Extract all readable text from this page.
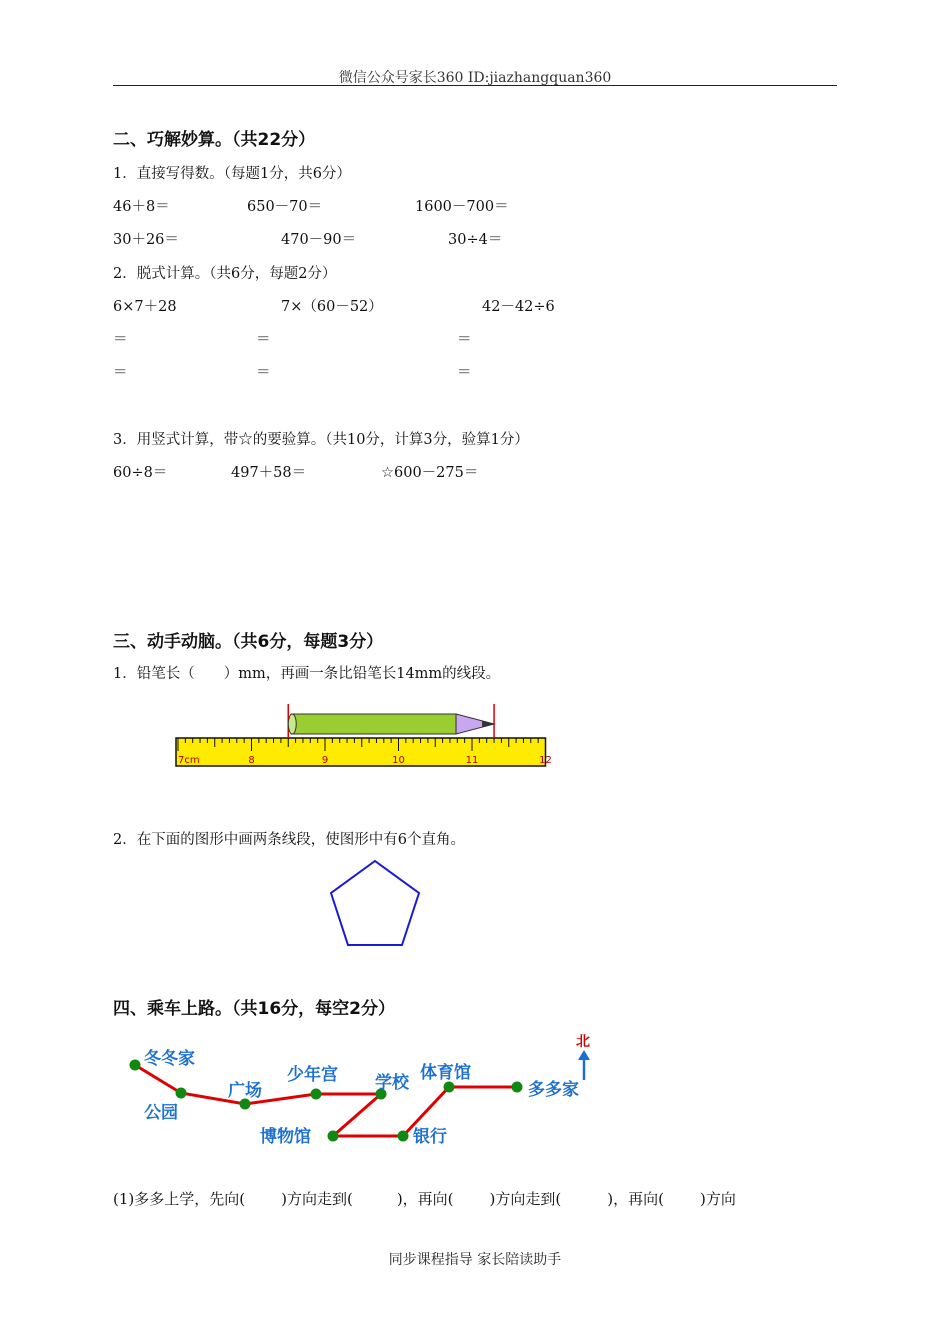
微信公众号家长360 ID:jiazhangquan360
二、巧解妙算。（共22分）
1．直接写得数。（每题1分，共6分）
46＋8＝	650－70＝	1600－700＝
30＋26＝	470－90＝	30÷4＝
2．脱式计算。（共6分，每题2分）
6×7＋28	7×（60－52）	42－42÷6
＝	＝	＝
＝	＝	＝
3．用竖式计算，带☆的要验算。（共10分，计算3分，验算1分）
60÷8＝	497＋58＝	☆600－275＝
三、动手动脑。（共6分，每题3分）
1．铅笔长（　　）mm，再画一条比铅笔长14mm的线段。
7cm	8	9	10	11	12
2．在下面的图形中画两条线段，使图形中有6个直角。
四、乘车上路。（共16分，每空2分）
冬冬家
公园
广场
少年宫 学校
博物馆	银行
体育馆
多多家
北
(1)多多上学，先向( )方向走到(	)，再向( )方向走到(	)，再向( )方向
同步课程指导 家长陪读助手
